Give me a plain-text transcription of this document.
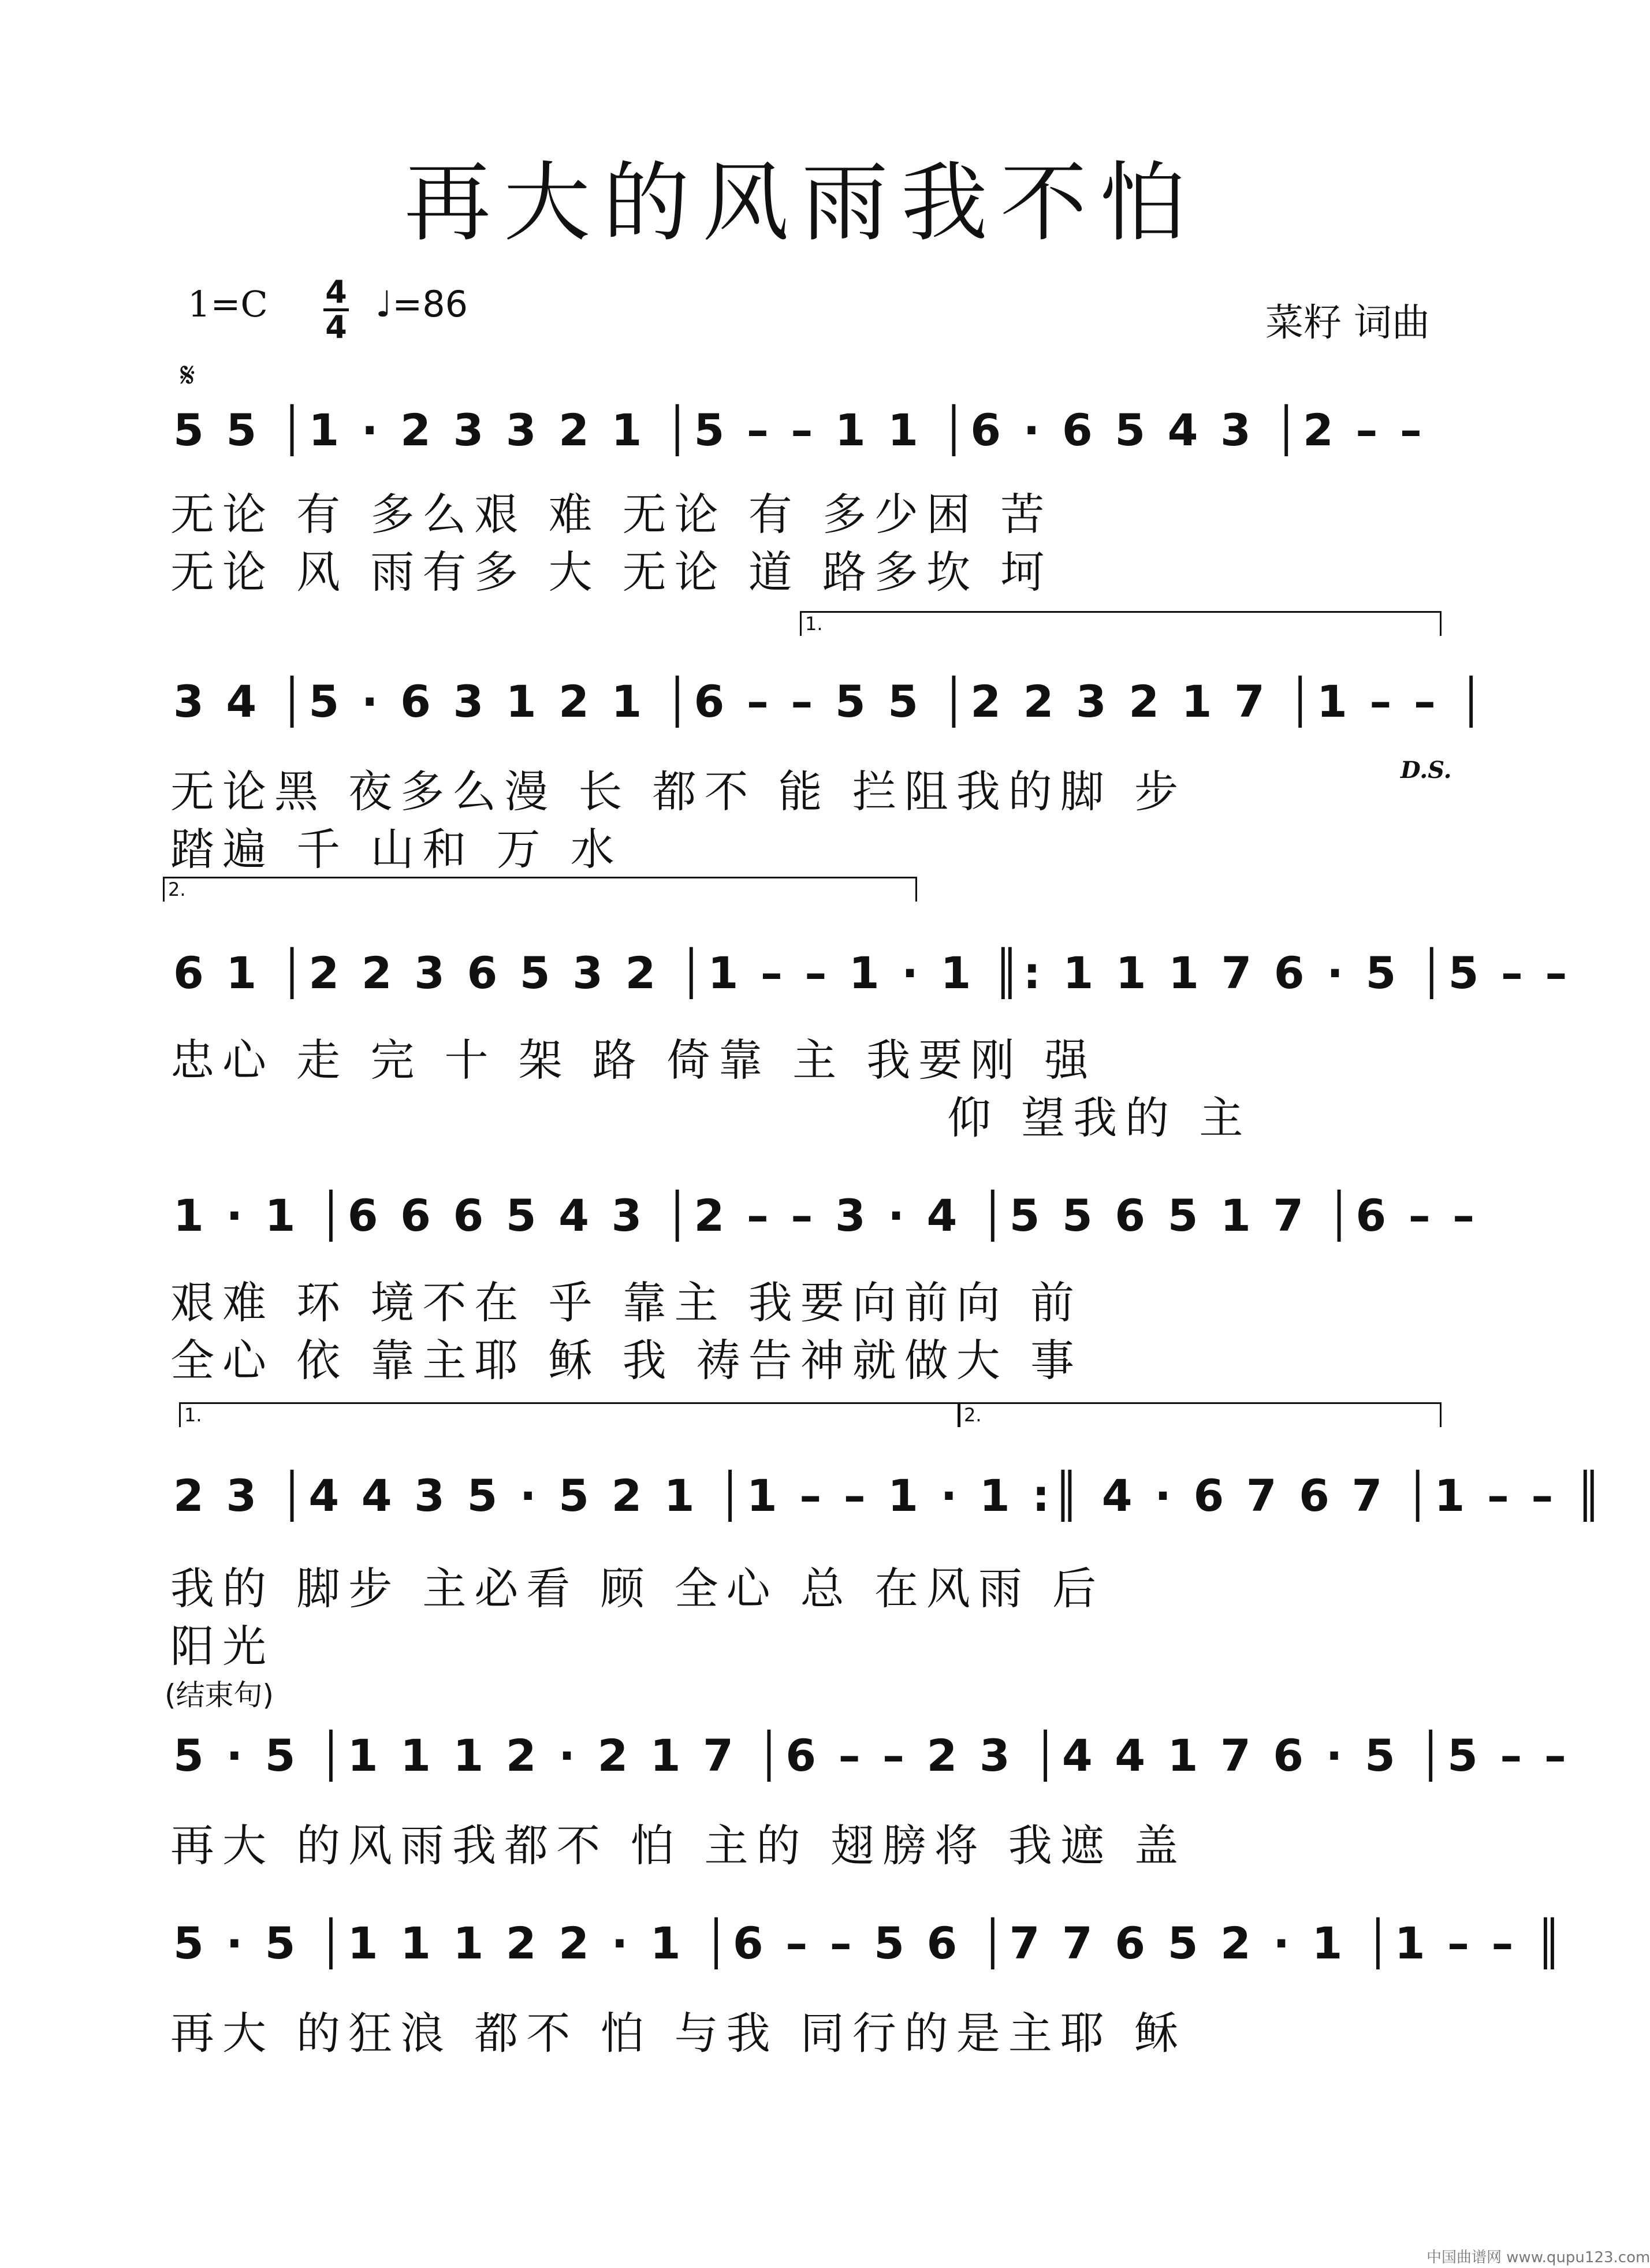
再大的风雨我不怕
1=C 4
4
♩=86	菜籽 词曲
𝄋
5 5 │1 · 2 3 3 2 1 │5 – – 1 1 │6 · 6 5 4 3 │2 – –
无论 有 多么艰 难 无论 有 多少困 苦
无论 风 雨有多 大 无论 道 路多坎 坷
1.
3 4 │5 · 6 3 1 2 1 │6 – – 5 5 │2 2 3 2 1 7 │1 – – │
无论黑 夜多么漫 长 都不 能 拦阻我的脚 步
踏遍 千 山和 万 水
D.S.
2.
6 1 │2 2 3 6 5 3 2 │1 – – 1 · 1 ║: 1 1 1 7 6 · 5 │5 – –
忠心 走 完 十 架 路 倚靠 主 我要刚 强
仰 望我的 主
1 · 1 │6 6 6 5 4 3 │2 – – 3 · 4 │5 5 6 5 1 7 │6 – –
艰难 环 境不在 乎 靠主 我要向前向 前
全心 依 靠主耶 稣 我 祷告神就做大 事
1.	2.
2 3 │4 4 3 5 · 5 2 1 │1 – – 1 · 1 :║ 4 · 6 7 6 7 │1 – – ║
我的 脚步 主必看 顾 全心 总 在风雨 后
阳光
(结束句)
5 · 5 │1 1 1 2 · 2 1 7 │6 – – 2 3 │4 4 1 7 6 · 5 │5 – –
再大 的风雨我都不 怕 主的 翅膀将 我遮 盖
5 · 5 │1 1 1 2 2 · 1 │6 – – 5 6 │7 7 6 5 2 · 1 │1 – – ║
再大 的狂浪 都不 怕 与我 同行的是主耶 稣
中国曲谱网 www.qupu123.com
